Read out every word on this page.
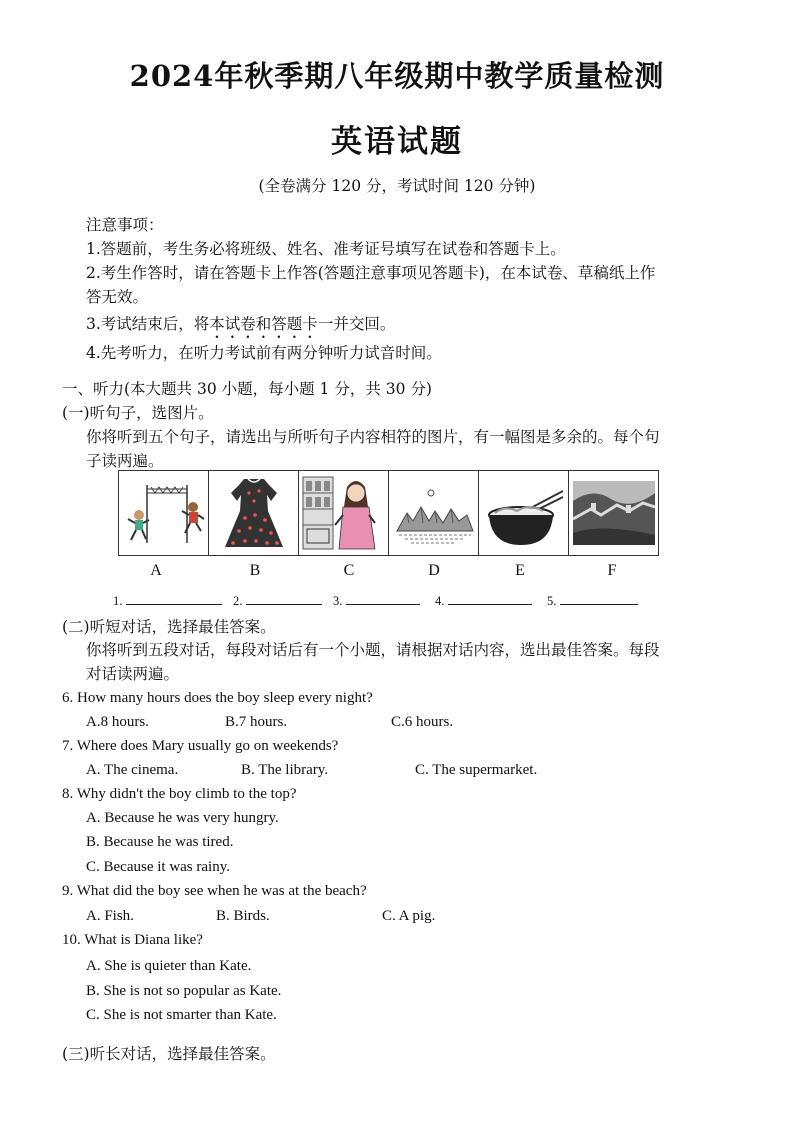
2024年秋季期八年级期中教学质量检测
英语试题
(全卷满分 120 分，考试时间 120 分钟)
注意事项：
1.答题前，考生务必将班级、姓名、准考证号填写在试卷和答题卡上。
2.考生作答时，请在答题卡上作答(答题注意事项见答题卡)，在本试卷、草稿纸上作
答无效。
3.考试结束后，将本试卷和答题卡一并交回。
4.先考听力，在听力考试前有两分钟听力试音时间。
一、听力(本大题共 30 小题，每小题 1 分，共 30 分)
(一)听句子，选图片。
你将听到五个句子，请选出与所听句子内容相符的图片，有一幅图是多余的。每个句
子读两遍。

A	B	C	D	E	F
1.	2.	3.	4.	5.
(二)听短对话，选择最佳答案。
你将听到五段对话，每段对话后有一个小题，请根据对话内容，选出最佳答案。每段
对话读两遍。
6. How many hours does the boy sleep every night?
A.8 hours.	B.7 hours.	C.6 hours.
7. Where does Mary usually go on weekends?
A. The cinema.	B. The library.	C. The supermarket.
8. Why didn't the boy climb to the top?
A. Because he was very hungry.
B. Because he was tired.
C. Because it was rainy.
9. What did the boy see when he was at the beach?
A. Fish.	B. Birds.	C. A pig.
10. What is Diana like?
A. She is quieter than Kate.
B. She is not so popular as Kate.
C. She is not smarter than Kate.
(三)听长对话，选择最佳答案。
